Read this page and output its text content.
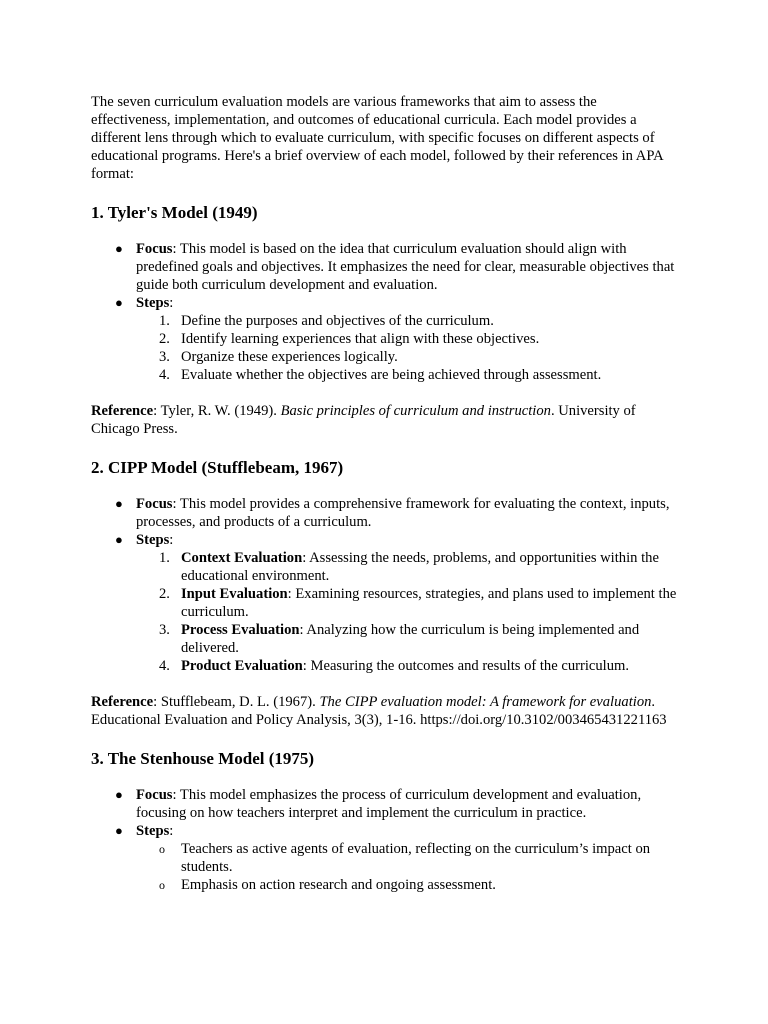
The seven curriculum evaluation models are various frameworks that aim to assess the effectiveness, implementation, and outcomes of educational curricula. Each model provides a different lens through which to evaluate curriculum, with specific focuses on different aspects of educational programs. Here's a brief overview of each model, followed by their references in APA format:

1. Tyler's Model (1949)
● Focus: This model is based on the idea that curriculum evaluation should align with predefined goals and objectives. It emphasizes the need for clear, measurable objectives that guide both curriculum development and evaluation.
● Steps:
1. Define the purposes and objectives of the curriculum.
2. Identify learning experiences that align with these objectives.
3. Organize these experiences logically.
4. Evaluate whether the objectives are being achieved through assessment.

Reference: Tyler, R. W. (1949). Basic principles of curriculum and instruction. University of Chicago Press.

2. CIPP Model (Stufflebeam, 1967)
● Focus: This model provides a comprehensive framework for evaluating the context, inputs, processes, and products of a curriculum.
● Steps:
1. Context Evaluation: Assessing the needs, problems, and opportunities within the educational environment.
2. Input Evaluation: Examining resources, strategies, and plans used to implement the curriculum.
3. Process Evaluation: Analyzing how the curriculum is being implemented and delivered.
4. Product Evaluation: Measuring the outcomes and results of the curriculum.

Reference: Stufflebeam, D. L. (1967). The CIPP evaluation model: A framework for evaluation. Educational Evaluation and Policy Analysis, 3(3), 1-16. https://doi.org/10.3102/003465431221163

3. The Stenhouse Model (1975)
● Focus: This model emphasizes the process of curriculum development and evaluation, focusing on how teachers interpret and implement the curriculum in practice.
● Steps:
o Teachers as active agents of evaluation, reflecting on the curriculum’s impact on students.
o Emphasis on action research and ongoing assessment.
